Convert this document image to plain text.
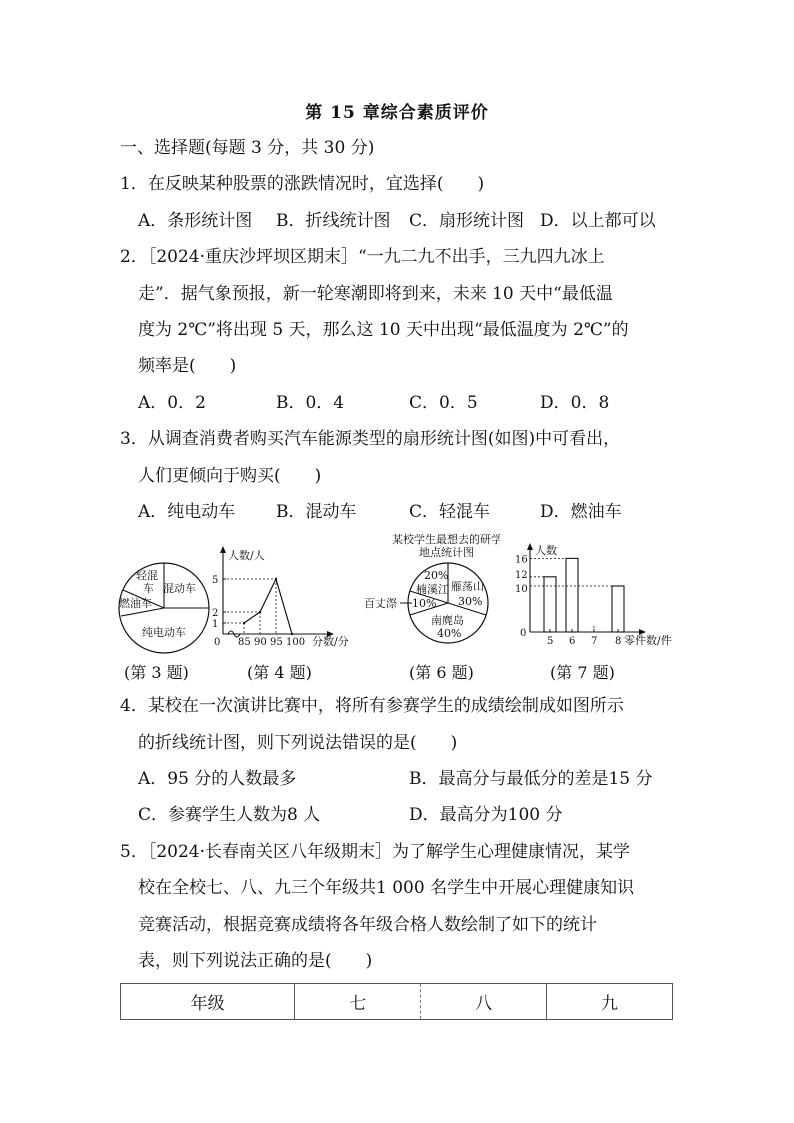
第 15 章综合素质评价
一、选择题(每题 3 分，共 30 分)
1．在反映某种股票的涨跌情况时，宜选择(　　)
A．条形统计图 B．折线统计图 C．扇形统计图 D．以上都可以
2．［2024·重庆沙坪坝区期末］“一九二九不出手，三九四九冰上
走”．据气象预报，新一轮寒潮即将到来，未来 10 天中“最低温
度为 2℃”将出现 5 天，那么这 10 天中出现“最低温度为 2℃”的
频率是(　　)
A．0．2	B．0．4	C．0．5	D．0．8
3．从调查消费者购买汽车能源类型的扇形统计图(如图)中可看出，
人们更倾向于购买(　　)
A．纯电动车 B．混动车	C．轻混车	D．燃油车
轻混
车 混动车
燃油车
纯电动车
(第 3 题)
人数/人
分数/分
0
1
2
5
85 90 95 100
(第 4 题)
某校学生最想去的研学
地点统计图
20%
楠溪江 雁荡山
30%
10%
百丈漈
南麂岛
40%
(第 6 题)
人数
零件数/件
0
5 6 7 8
10
12
16
(第 7 题)
4．某校在一次演讲比赛中，将所有参赛学生的成绩绘制成如图所示
的折线统计图，则下列说法错误的是(　　)
A．95 分的人数最多	B．最高分与最低分的差是15 分
C．参赛学生人数为8 人	D．最高分为100 分
5．［2024·长春南关区八年级期末］为了解学生心理健康情况，某学
校在全校七、八、九三个年级共1 000 名学生中开展心理健康知识
竞赛活动，根据竞赛成绩将各年级合格人数绘制了如下的统计
表，则下列说法正确的是(　　)
年级	七	八	九
